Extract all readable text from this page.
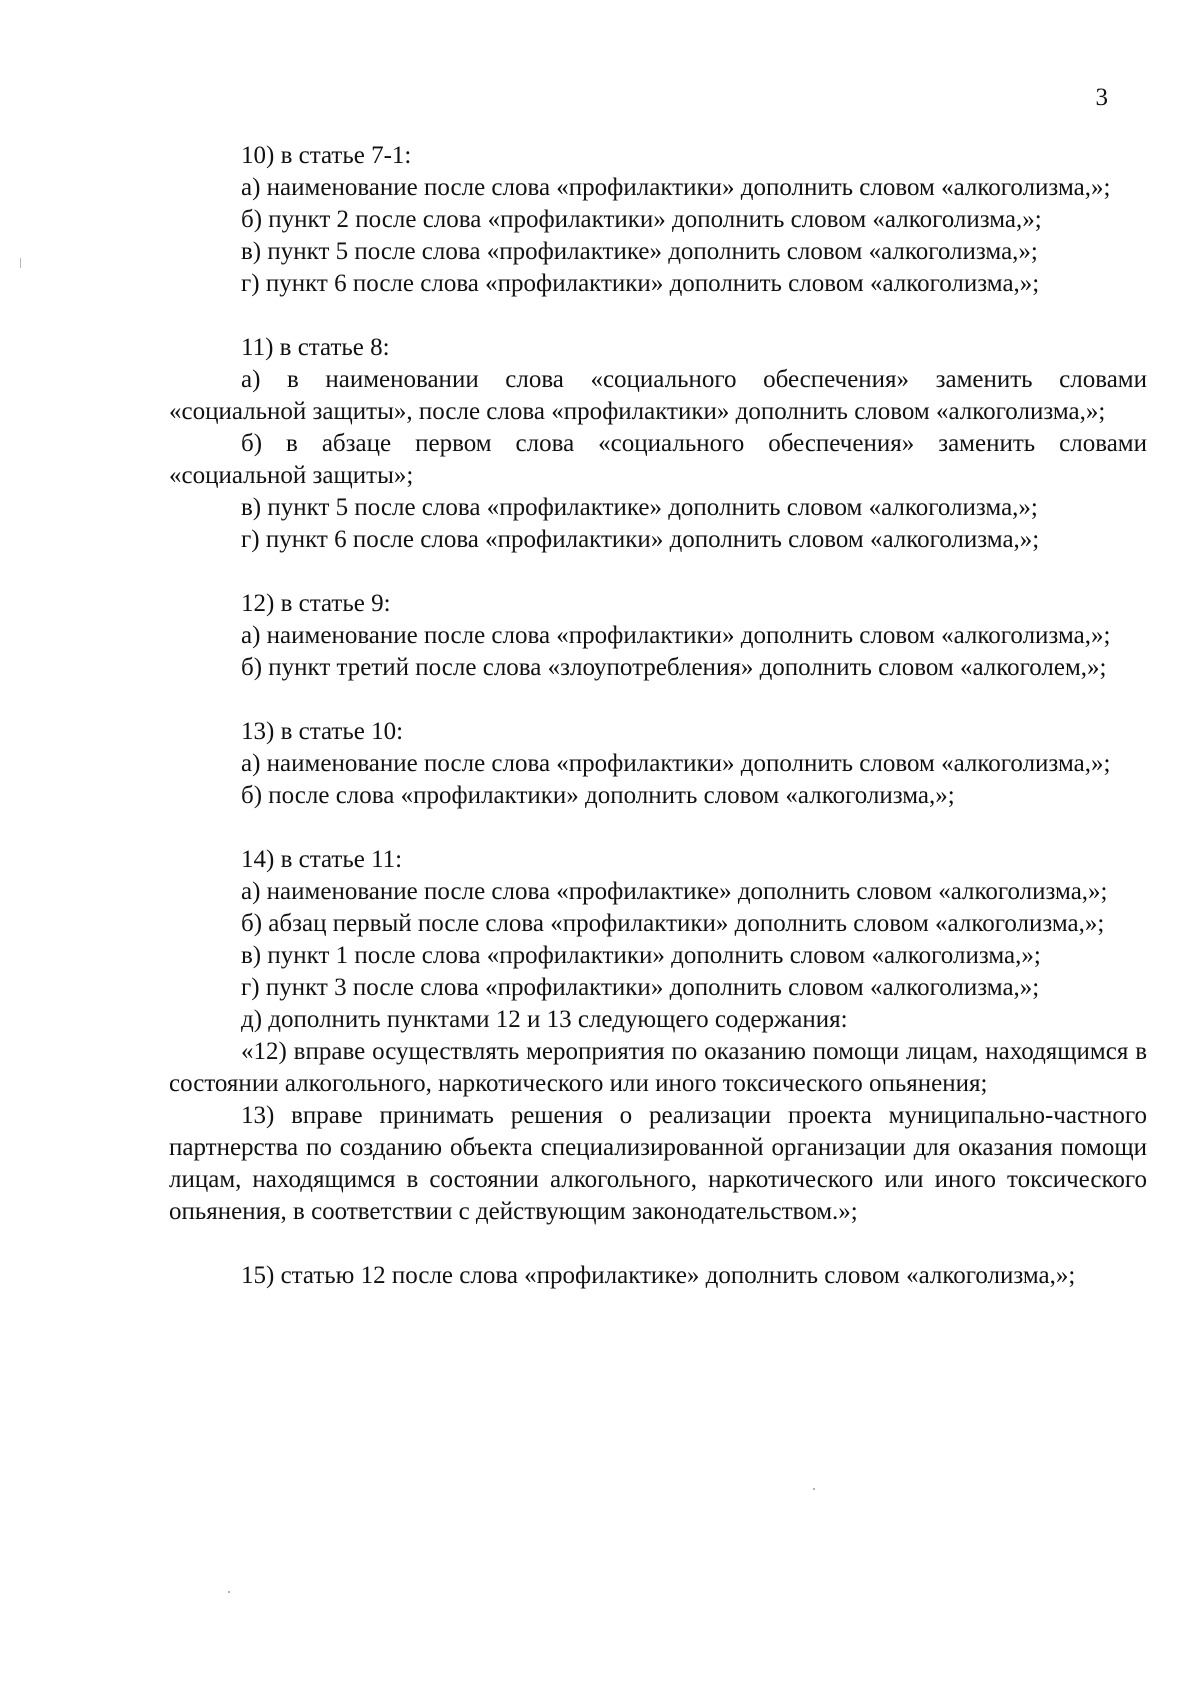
3

10) в статье 7-1:

а) наименование после слова «профилактики» дополнить словом «алкоголизма,»;

б) пункт 2 после слова «профилактики» дополнить словом «алкоголизма,»;

в) пункт 5 после слова «профилактике» дополнить словом «алкоголизма,»;

г) пункт 6 после слова «профилактики» дополнить словом «алкоголизма,»;

11) в статье 8:

а) в наименовании слова «социального обеспечения» заменить словами «социальной защиты», после слова «профилактики» дополнить словом «алкоголизма,»;

б) в абзаце первом слова «социального обеспечения» заменить словами «социальной защиты»;

в) пункт 5 после слова «профилактике» дополнить словом «алкоголизма,»;

г) пункт 6 после слова «профилактики» дополнить словом «алкоголизма,»;

12) в статье 9:

а) наименование после слова «профилактики» дополнить словом «алкоголизма,»;

б) пункт третий после слова «злоупотребления» дополнить словом «алкоголем,»;

13) в статье 10:

а) наименование после слова «профилактики» дополнить словом «алкоголизма,»;

б) после слова «профилактики» дополнить словом «алкоголизма,»;

14) в статье 11:

а) наименование после слова «профилактике» дополнить словом «алкоголизма,»;

б) абзац первый после слова «профилактики» дополнить словом «алкоголизма,»;

в) пункт 1 после слова «профилактики» дополнить словом «алкоголизма,»;

г) пункт 3 после слова «профилактики» дополнить словом «алкоголизма,»;

д) дополнить пунктами 12 и 13 следующего содержания:

«12) вправе осуществлять мероприятия по оказанию помощи лицам, находящимся в состоянии алкогольного, наркотического или иного токсического опьянения;

13) вправе принимать решения о реализации проекта муниципально-частного партнерства по созданию объекта специализированной организации для оказания помощи лицам, находящимся в состоянии алкогольного, наркотического или иного токсического опьянения, в соответствии с действующим законодательством.»;

15) статью 12 после слова «профилактике» дополнить словом «алкоголизма,»;
